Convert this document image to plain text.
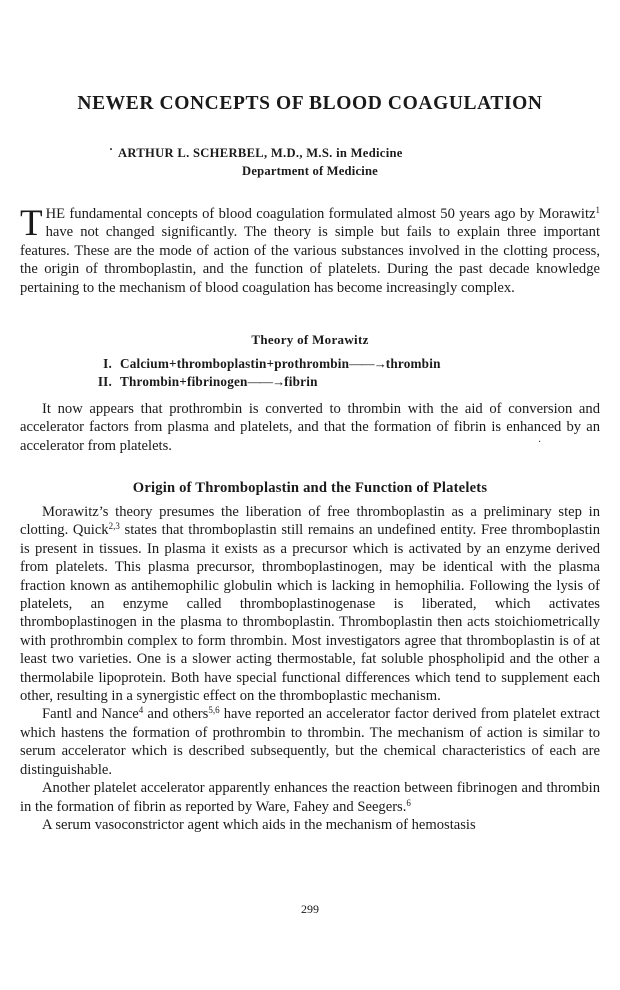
NEWER CONCEPTS OF BLOOD COAGULATION
· ARTHUR L. SCHERBEL, M.D., M.S. in Medicine
Department of Medicine

THE fundamental concepts of blood coagulation formulated almost 50 years ago by Morawitz$^1$ have not changed significantly. The theory is simple but fails to explain three important features. These are the mode of action of the various substances involved in the clotting process, the origin of thromboplastin, and the function of platelets. During the past decade knowledge pertaining to the mechanism of blood coagulation has become increasingly complex.

Theory of Morawitz
I. Calcium+thromboplastin+prothrombin——→thrombin
II. Thrombin+fibrinogen——→fibrin

It now appears that prothrombin is converted to thrombin with the aid of conversion and accelerator factors from plasma and platelets, and that the formation of fibrin is enhanced by an accelerator from platelets.	·
Origin of Thromboplastin and the Function of Platelets

Morawitz’s theory presumes the liberation of free thromboplastin as a preliminary step in clotting. Quick$^{2,3}$ states that thromboplastin still remains an undefined entity. Free thromboplastin is present in tissues. In plasma it exists as a precursor which is activated by an enzyme derived from platelets. This plasma precursor, thromboplastinogen, may be identical with the plasma fraction known as antihemophilic globulin which is lacking in hemophilia. Following the lysis of platelets, an enzyme called thromboplastinogenase is liberated, which activates thromboplastinogen in the plasma to thromboplastin. Thromboplastin then acts stoichiometrically with prothrombin complex to form thrombin. Most investigators agree that thromboplastin is of at least two varieties. One is a slower acting thermostable, fat soluble phospholipid and the other a thermolabile lipoprotein. Both have special functional differences which tend to supplement each other, resulting in a synergistic effect on the thromboplastic mechanism.

Fantl and Nance$^4$ and others$^{5,6}$ have reported an accelerator factor derived from platelet extract which hastens the formation of prothrombin to thrombin. The mechanism of action is similar to serum accelerator which is described subsequently, but the chemical characteristics of each are distinguishable.

Another platelet accelerator apparently enhances the reaction between fibrinogen and thrombin in the formation of fibrin as reported by Ware, Fahey and Seegers.$^6$

A serum vasoconstrictor agent which aids in the mechanism of hemostasis

299
